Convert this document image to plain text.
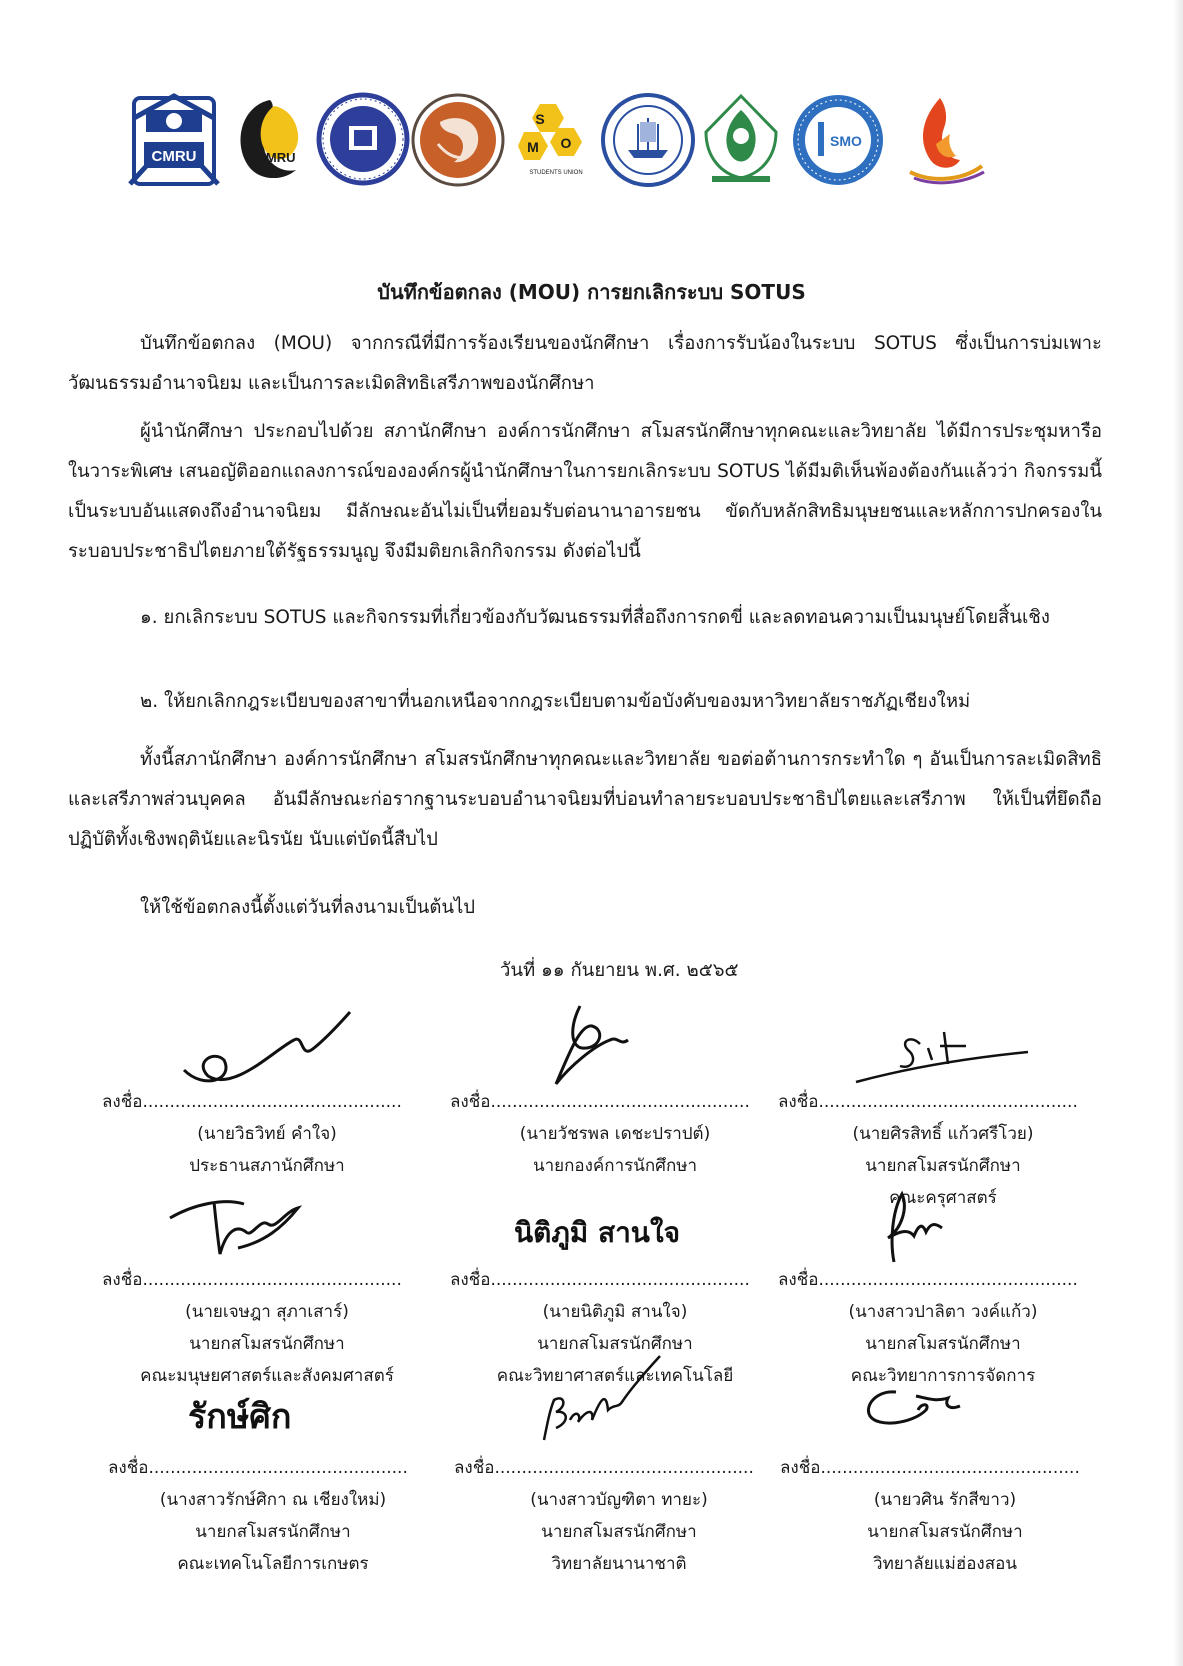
CMRU	CMRU
S
O
M
STUDENTS UNION
SMO
บันทึกข้อตกลง (MOU) การยกเลิกระบบ SOTUS

บันทึกข้อตกลง (MOU) จากกรณีที่มีการร้องเรียนของนักศึกษา เรื่องการรับน้องในระบบ SOTUS ซึ่งเป็นการบ่มเพาะวัฒนธรรมอำนาจนิยม และเป็นการละเมิดสิทธิเสรีภาพของนักศึกษา

ผู้นำนักศึกษา ประกอบไปด้วย สภานักศึกษา องค์การนักศึกษา สโมสรนักศึกษาทุกคณะและวิทยาลัย ได้มีการประชุมหารือในวาระพิเศษ เสนอญัติออกแถลงการณ์ขององค์กรผู้นำนักศึกษาในการยกเลิกระบบ SOTUS ได้มีมติเห็นพ้องต้องกันแล้วว่า กิจกรรมนี้เป็นระบบอันแสดงถึงอำนาจนิยม มีลักษณะอันไม่เป็นที่ยอมรับต่อนานาอารยชน ขัดกับหลักสิทธิมนุษยชนและหลักการปกครองในระบอบประชาธิปไตยภายใต้รัฐธรรมนูญ จึงมีมติยกเลิกกิจกรรม ดังต่อไปนี้

๑. ยกเลิกระบบ SOTUS และกิจกรรมที่เกี่ยวข้องกับวัฒนธรรมที่สื่อถึงการกดขี่ และลดทอนความเป็นมนุษย์โดยสิ้นเชิง

๒. ให้ยกเลิกกฎระเบียบของสาขาที่นอกเหนือจากกฎระเบียบตามข้อบังคับของมหาวิทยาลัยราชภัฏเชียงใหม่

ทั้งนี้สภานักศึกษา องค์การนักศึกษา สโมสรนักศึกษาทุกคณะและวิทยาลัย ขอต่อต้านการกระทำใด ๆ อันเป็นการละเมิดสิทธิและเสรีภาพส่วนบุคคล อันมีลักษณะก่อรากฐานระบอบอำนาจนิยมที่บ่อนทำลายระบอบประชาธิปไตยและเสรีภาพ ให้เป็นที่ยึดถือปฏิบัติทั้งเชิงพฤตินัยและนิรนัย นับแต่บัดนี้สืบไป

ให้ใช้ข้อตกลงนี้ตั้งแต่วันที่ลงนามเป็นต้นไป

วันที่ ๑๑ กันยายน พ.ศ. ๒๕๖๕
ลงชื่อ................................................
(นายวิธวิทย์ คำใจ)
ประธานสภานักศึกษา
ลงชื่อ................................................
(นายวัชรพล เดชะปราปต์)
นายกองค์การนักศึกษา
ลงชื่อ................................................
(นายศิรสิทธิ์ แก้วศรีโวย)
นายกสโมสรนักศึกษา
คณะครุศาสตร์
ลงชื่อ................................................
(นายเจษฎา สุภาเสาร์)
นายกสโมสรนักศึกษา
คณะมนุษยศาสตร์และสังคมศาสตร์
นิติภูมิ สานใจ
ลงชื่อ................................................
(นายนิติภูมิ สานใจ)
นายกสโมสรนักศึกษา
คณะวิทยาศาสตร์และเทคโนโลยี
ลงชื่อ................................................
(นางสาวปาลิตา วงค์แก้ว)
นายกสโมสรนักศึกษา
คณะวิทยาการการจัดการ
รักษ์ศิก
ลงชื่อ................................................
(นางสาวรักษ์ศิกา ณ เชียงใหม่)
นายกสโมสรนักศึกษา
คณะเทคโนโลยีการเกษตร
ลงชื่อ................................................
(นางสาวบัญฑิตา ทายะ)
นายกสโมสรนักศึกษา
วิทยาลัยนานาชาติ
ลงชื่อ................................................
(นายวศิน รักสีขาว)
นายกสโมสรนักศึกษา
วิทยาลัยแม่ฮ่องสอน
